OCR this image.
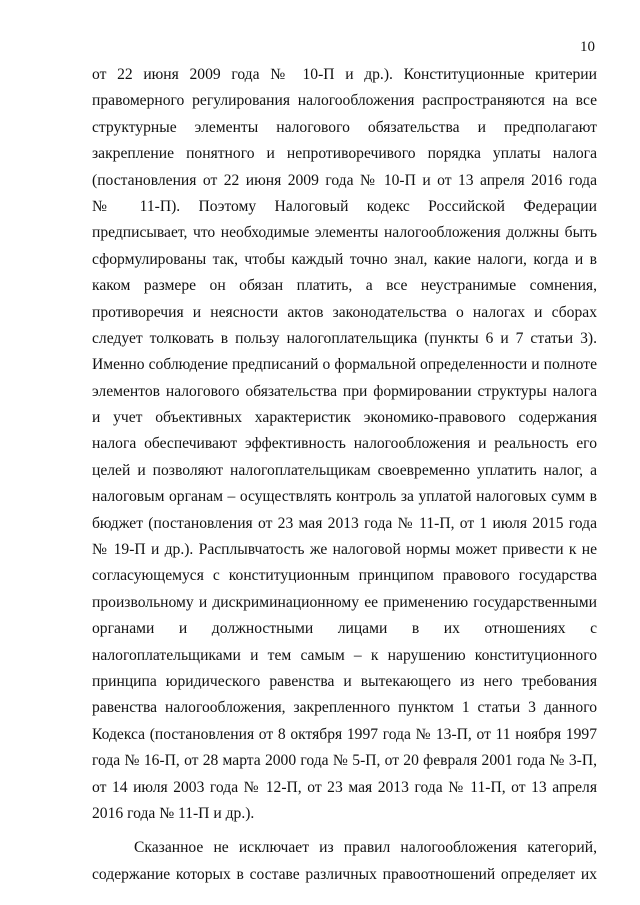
10
от 22 июня 2009 года № 10-П и др.). Конституционные критерии
правомерного регулирования налогообложения распространяются на все
структурные элементы налогового обязательства и предполагают
закрепление понятного и непротиворечивого порядка уплаты налога
(постановления от 22 июня 2009 года № 10-П и от 13 апреля 2016 года
№ 11-П). Поэтому Налоговый кодекс Российской Федерации
предписывает, что необходимые элементы налогообложения должны быть
сформулированы так, чтобы каждый точно знал, какие налоги, когда и в
каком размере он обязан платить, а все неустранимые сомнения,
противоречия и неясности актов законодательства о налогах и сборах
следует толковать в пользу налогоплательщика (пункты 6 и 7 статьи 3).
Именно соблюдение предписаний о формальной определенности и полноте
элементов налогового обязательства при формировании структуры налога
и учет объективных характеристик экономико-правового содержания
налога обеспечивают эффективность налогообложения и реальность его
целей и позволяют налогоплательщикам своевременно уплатить налог, а
налоговым органам – осуществлять контроль за уплатой налоговых сумм в
бюджет (постановления от 23 мая 2013 года № 11-П, от 1 июля 2015 года
№ 19-П и др.). Расплывчатость же налоговой нормы может привести к не
согласующемуся с конституционным принципом правового государства
произвольному и дискриминационному ее применению государственными
органами и должностными лицами в их отношениях с
налогоплательщиками и тем самым – к нарушению конституционного
принципа юридического равенства и вытекающего из него требования
равенства налогообложения, закрепленного пунктом 1 статьи 3 данного
Кодекса (постановления от 8 октября 1997 года № 13-П, от 11 ноября 1997
года № 16-П, от 28 марта 2000 года № 5-П, от 20 февраля 2001 года № 3-П,
от 14 июля 2003 года № 12-П, от 23 мая 2013 года № 11-П, от 13 апреля
2016 года № 11-П и др.).
Сказанное не исключает из правил налогообложения категорий,
содержание которых в составе различных правоотношений определяет их
